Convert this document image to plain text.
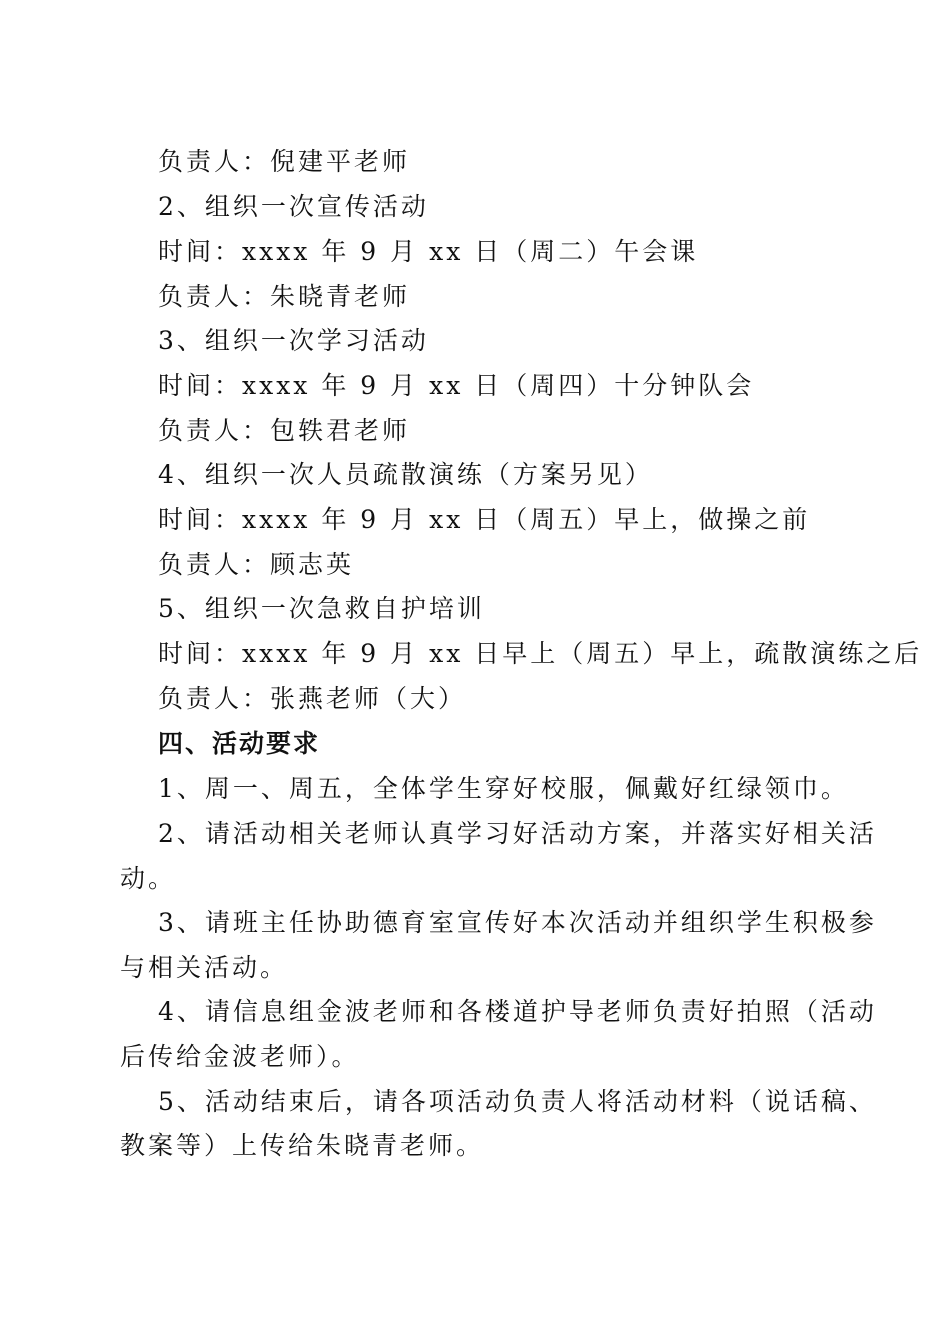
负责人：倪建平老师
2、组织一次宣传活动
时间：xxxx 年 9 月 xx 日（周二）午会课
负责人：朱晓青老师
3、组织一次学习活动
时间：xxxx 年 9 月 xx 日（周四）十分钟队会
负责人：包轶君老师
4、组织一次人员疏散演练（方案另见）
时间：xxxx 年 9 月 xx 日（周五）早上，做操之前
负责人：顾志英
5、组织一次急救自护培训
时间：xxxx 年 9 月 xx 日早上（周五）早上，疏散演练之后
负责人：张燕老师（大）
四、活动要求
1、周一、周五，全体学生穿好校服，佩戴好红绿领巾。
2、请活动相关老师认真学习好活动方案，并落实好相关活
动。
3、请班主任协助德育室宣传好本次活动并组织学生积极参
与相关活动。
4、请信息组金波老师和各楼道护导老师负责好拍照（活动
后传给金波老师）。
5、活动结束后，请各项活动负责人将活动材料（说话稿、
教案等）上传给朱晓青老师。
